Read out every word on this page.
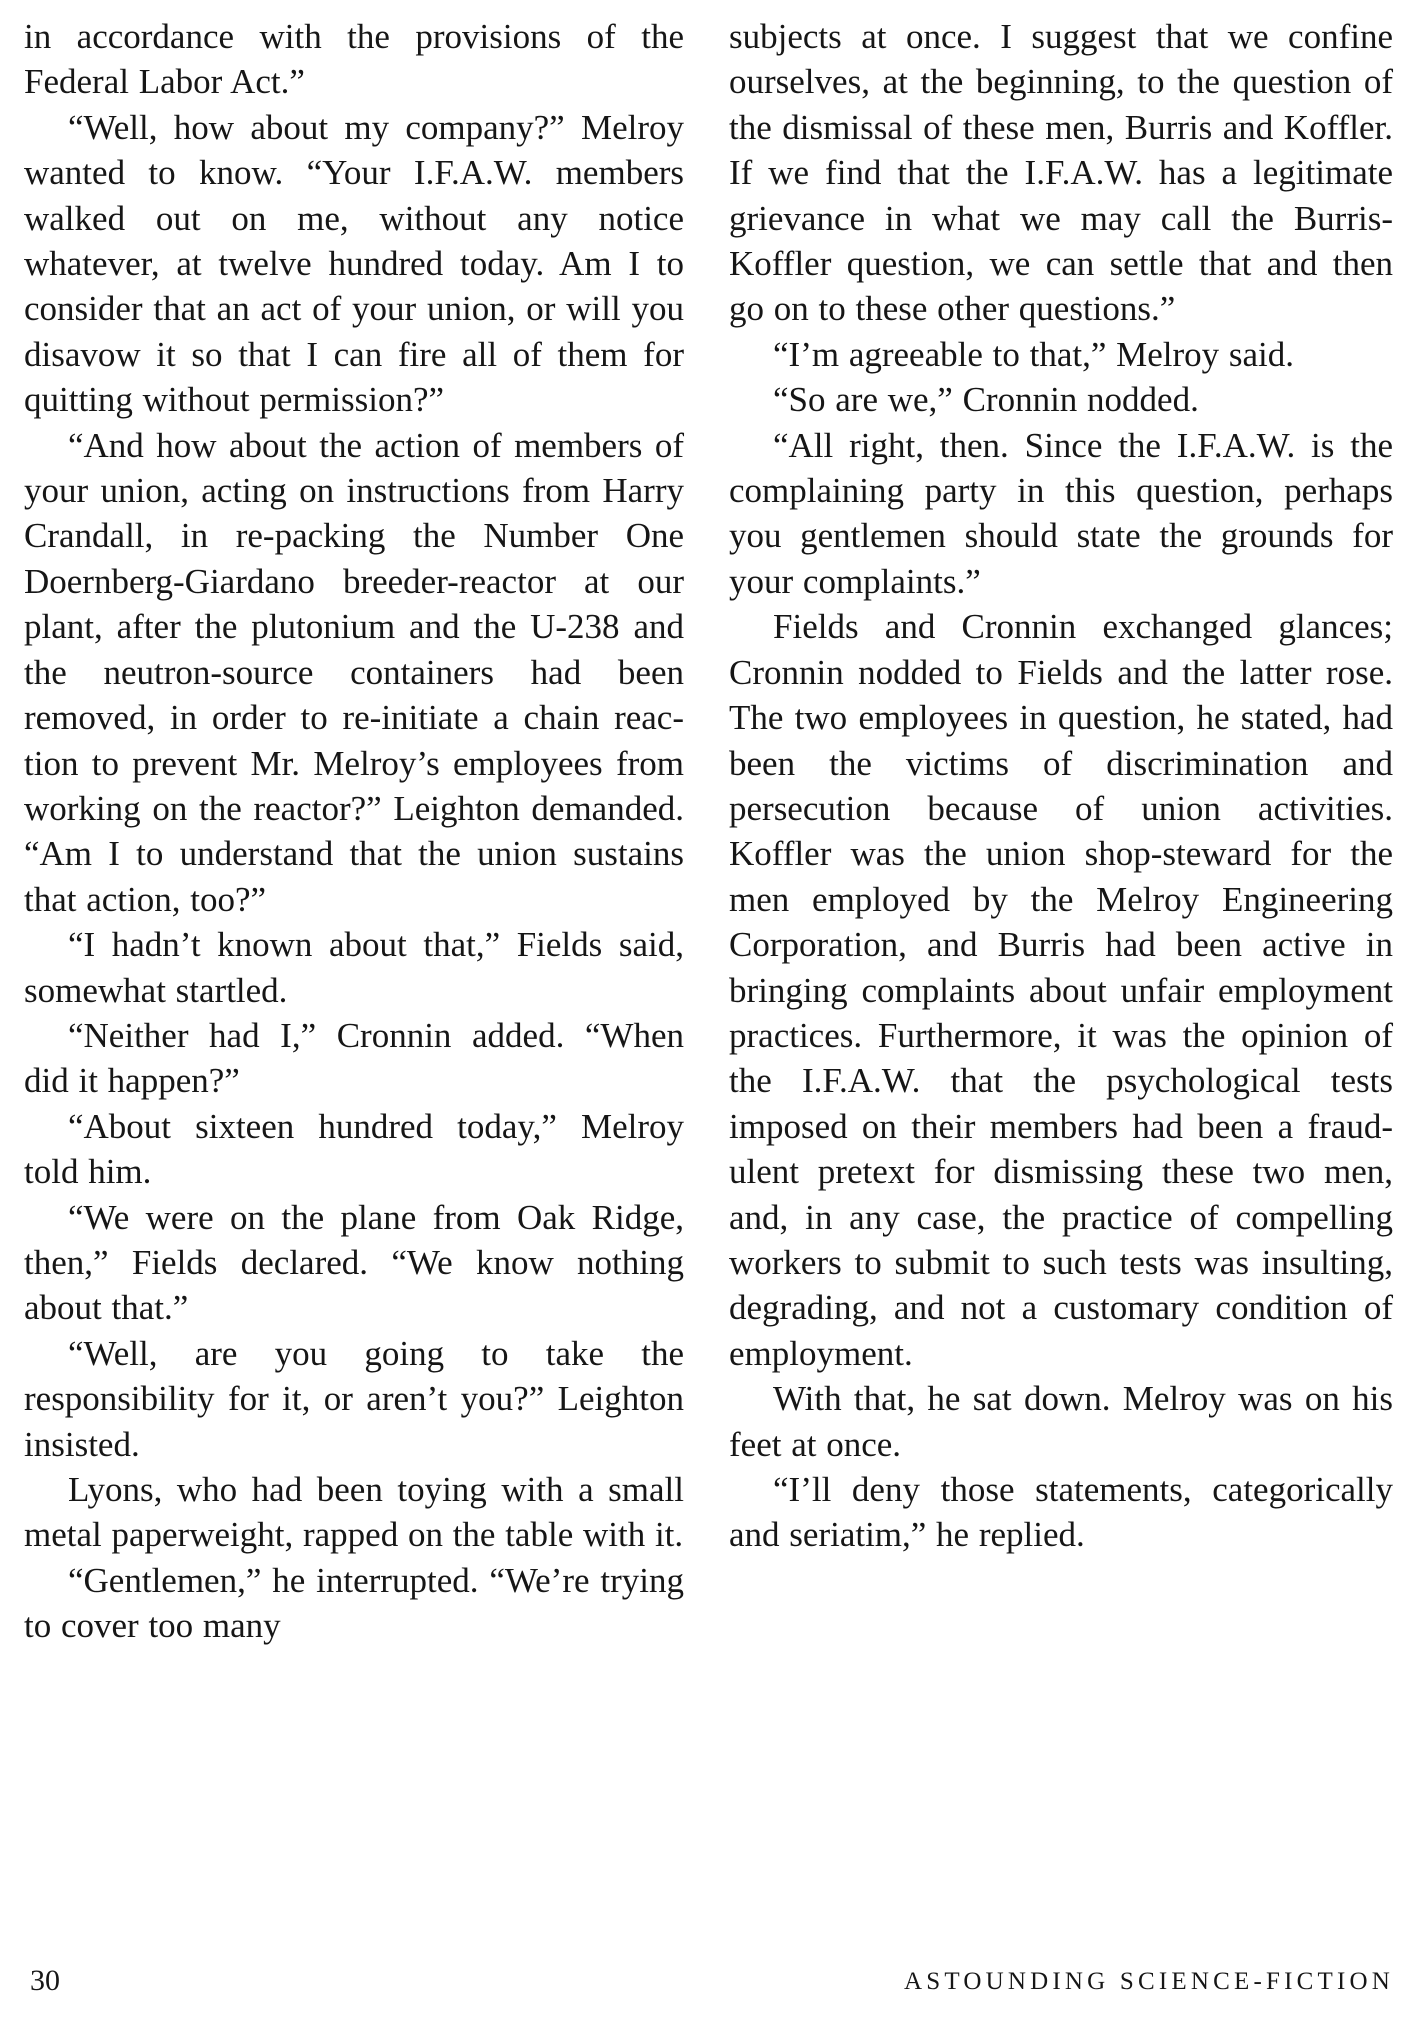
in accordance with the provisions of the Federal Labor Act.”

“Well, how about my company?” Melroy wanted to know. “Your I.F.A.W. members walked out on me, without any notice whatever, at twelve hundred today. Am I to consider that an act of your union, or will you disavow it so that I can fire all of them for quitting without permission?”

“And how about the action of members of your union, acting on instructions from Harry Crandall, in re-packing the Number One Doernberg-Giardano breeder-reactor at our plant, after the plutonium and the U-238 and the neutron-source containers had been removed, in order to re-initiate a chain reaction to prevent Mr. Melroy’s employees from working on the reactor?” Leighton demanded. “Am I to understand that the union sustains that action, too?”

“I hadn’t known about that,” Fields said, somewhat startled.

“Neither had I,” Cronnin added. “When did it happen?”

“About sixteen hundred today,” Melroy told him.

“We were on the plane from Oak Ridge, then,” Fields declared. “We know nothing about that.”

“Well, are you going to take the responsibility for it, or aren’t you?” Leighton insisted.

Lyons, who had been toying with a small metal paperweight, rapped on the table with it.

“Gentlemen,” he interrupted. “We’re trying to cover too many

subjects at once. I suggest that we confine ourselves, at the beginning, to the question of the dismissal of these men, Burris and Koffler. If we find that the I.F.A.W. has a legitimate grievance in what we may call the Burris-Koffler question, we can settle that and then go on to these other questions.”

“I’m agreeable to that,” Melroy said.

“So are we,” Cronnin nodded.

“All right, then. Since the I.F.A.W. is the complaining party in this question, perhaps you gentlemen should state the grounds for your complaints.”

Fields and Cronnin exchanged glances; Cronnin nodded to Fields and the latter rose. The two employees in question, he stated, had been the victims of discrimination and persecution because of union activities. Koffler was the union shop-steward for the men employed by the Melroy Engineering Corporation, and Burris had been active in bringing complaints about unfair employment practices. Furthermore, it was the opinion of the I.F.A.W. that the psychological tests imposed on their members had been a fraudulent pretext for dismissing these two men, and, in any case, the practice of compelling workers to submit to such tests was insulting, degrading, and not a customary condition of employment.

With that, he sat down. Melroy was on his feet at once.

“I’ll deny those statements, categorically and seriatim,” he replied.

30	ASTOUNDING SCIENCE-FICTION
